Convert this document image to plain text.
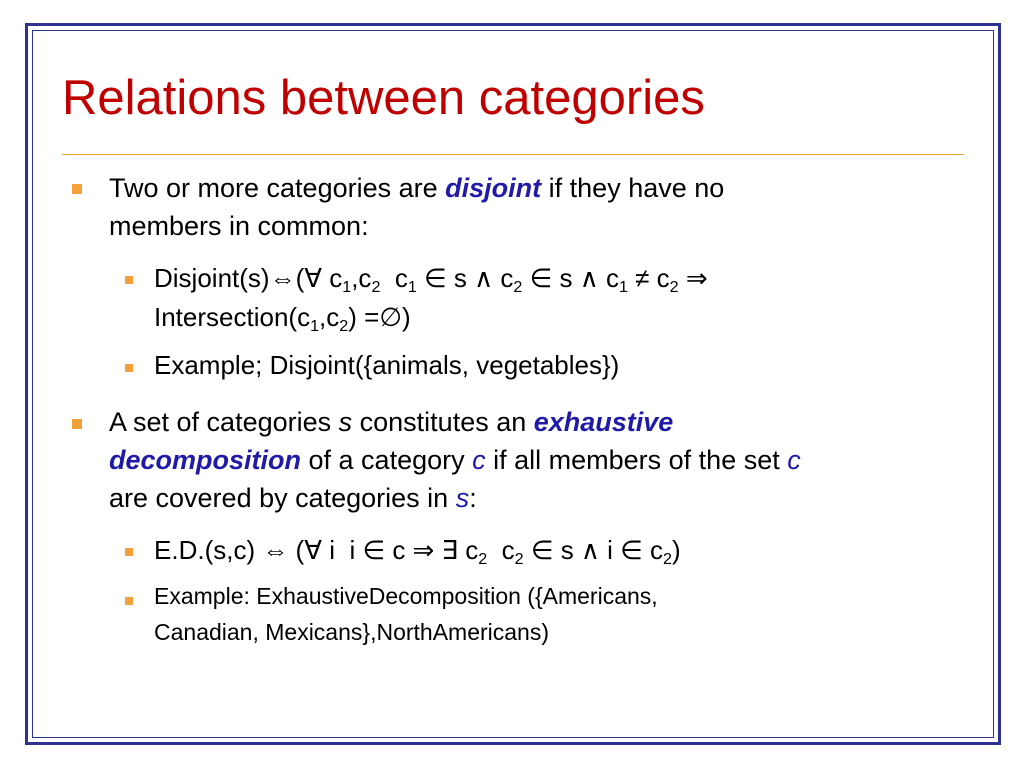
Relations between categories
Two or more categories are disjoint if they have no
members in common:
Disjoint(s)⇔(∀ $c_1,c_2$  $c_1$ ∈ s ∧ $c_2$ ∈ s ∧ $c_1 \ne c_2$ ⇒
$Intersection(c_1,c_2)$ =∅)
Example; Disjoint({animals, vegetables})
A set of categories s constitutes an exhaustive
decomposition of a category c if all members of the set c
are covered by categories in s:
E.D.(s,c) ⇔ (∀ i  i ∈ c ⇒ ∃ $c_2$  $c_2$ ∈ s ∧ i ∈ $c_2$)
Example: ExhaustiveDecomposition ({Americans,
Canadian, Mexicans},NorthAmericans)
